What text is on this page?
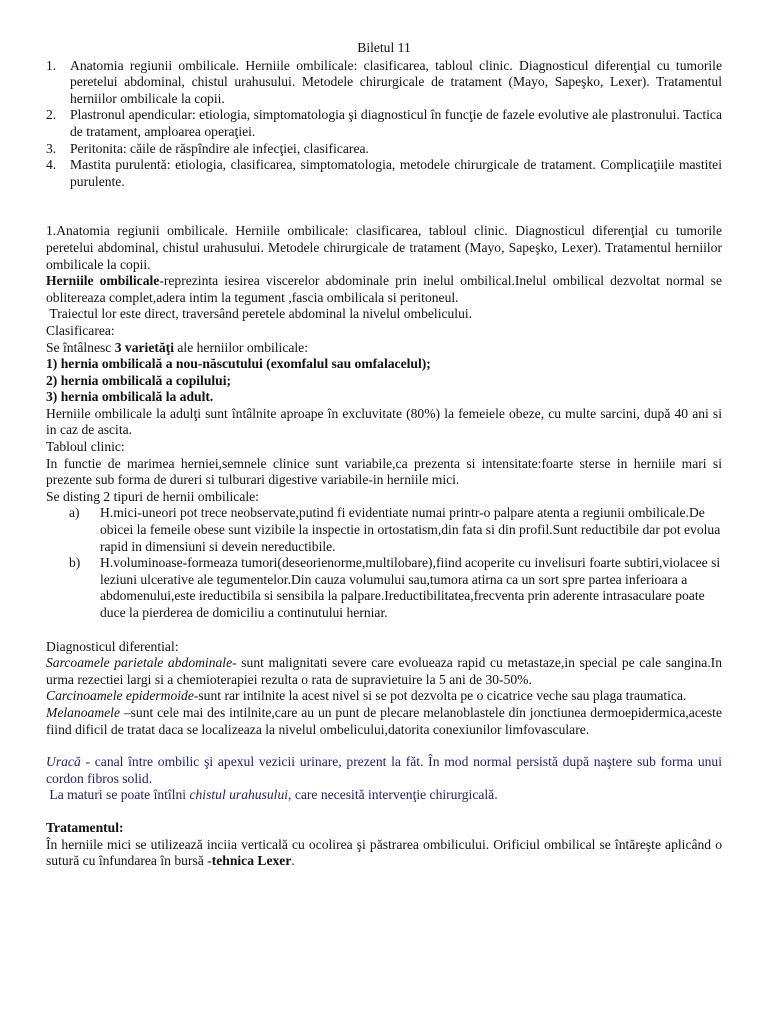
Biletul 11
1. Anatomia regiunii ombilicale. Herniile ombilicale: clasificarea, tabloul clinic. Diagnosticul diferenţial cu tumorile peretelui abdominal, chistul urahusului. Metodele chirurgicale de tratament (Mayo, Sapeşko, Lexer). Tratamentul herniilor ombilicale la copii.
2. Plastronul apendicular: etiologia, simptomatologia şi diagnosticul în funcţie de fazele evolutive ale plastronului. Tactica de tratament, amploarea operaţiei.
3. Peritonita: căile de răspîndire ale infecţiei, clasificarea.
4. Mastita purulentă: etiologia, clasificarea, simptomatologia, metodele chirurgicale de tratament. Complicaţiile mastitei purulente.
1.Anatomia regiunii ombilicale. Herniile ombilicale: clasificarea, tabloul clinic. Diagnosticul diferenţial cu tumorile peretelui abdominal, chistul urahusului. Metodele chirurgicale de tratament (Mayo, Sapeşko, Lexer). Tratamentul herniilor ombilicale la copii.
Herniile ombilicale-reprezinta iesirea viscerelor abdominale prin inelul ombilical.Inelul ombilical dezvoltat normal se oblitereaza complet,adera intim la tegument ,fascia ombilicala si peritoneul.
Traiectul lor este direct, traversând peretele abdominal la nivelul ombelicului.
Clasificarea:
Se întâlnesc 3 varietăţi ale herniilor ombilicale:
1) hernia ombilicală a nou-născutului (exomfalul sau omfalacelul);
2) hernia ombilicală a copilului;
3) hernia ombilicală la adult.
Herniile ombilicale la adulţi sunt întâlnite aproape în excluvitate (80%) la femeiele obeze, cu multe sarcini, după 40 ani si in caz de ascita.
Tabloul clinic:
In functie de marimea herniei,semnele clinice sunt variabile,ca prezenta si intensitate:foarte sterse in herniile mari si prezente sub forma de dureri si tulburari digestive variabile-in herniile mici.
Se disting 2 tipuri de hernii ombilicale:
a) H.mici-uneori pot trece neobservate,putind fi evidentiate numai printr-o palpare atenta a regiunii ombilicale.De obicei la femeile obese sunt vizibile la inspectie in ortostatism,din fata si din profil.Sunt reductibile dar pot evolua rapid in dimensiuni si devein nereductibile.
b) H.voluminoase-formeaza tumori(deseorienorme,multilobare),fiind acoperite cu invelisuri foarte subtiri,violacee si leziuni ulcerative ale tegumentelor.Din cauza volumului sau,tumora atirna ca un sort spre partea inferioara a abdomenului,este ireductibila si sensibila la palpare.Ireductibilitatea,frecventa prin aderente intrasaculare poate duce la pierderea de domiciliu a continutului herniar.
Diagnosticul diferential:
Sarcoamele parietale abdominale- sunt malignitati severe care evolueaza rapid cu metastaze,in special pe cale sangina.In urma rezectiei largi si a chemioterapiei rezulta o rata de supravietuire la 5 ani de 30-50%.
Carcinoamele epidermoide-sunt rar intilnite la acest nivel si se pot dezvolta pe o cicatrice veche sau plaga traumatica.
Melanoamele –sunt cele mai des intilnite,care au un punt de plecare melanoblastele din jonctiunea dermoepidermica,aceste fiind dificil de tratat daca se localizeaza la nivelul ombelicului,datorita conexiunilor limfovasculare.
Uracă - canal între ombilic şi apexul vezicii urinare, prezent la făt. În mod normal persistă după naştere sub forma unui cordon fibros solid.
La maturi se poate întîlni chistul urahusului, care necesită intervenţie chirurgicală.
Tratamentul:
În herniile mici se utilizează inciia verticală cu ocolirea şi păstrarea ombilicului. Orificiul ombilical se întăreşte aplicând o sutură cu înfundarea în bursă -tehnica Lexer.
